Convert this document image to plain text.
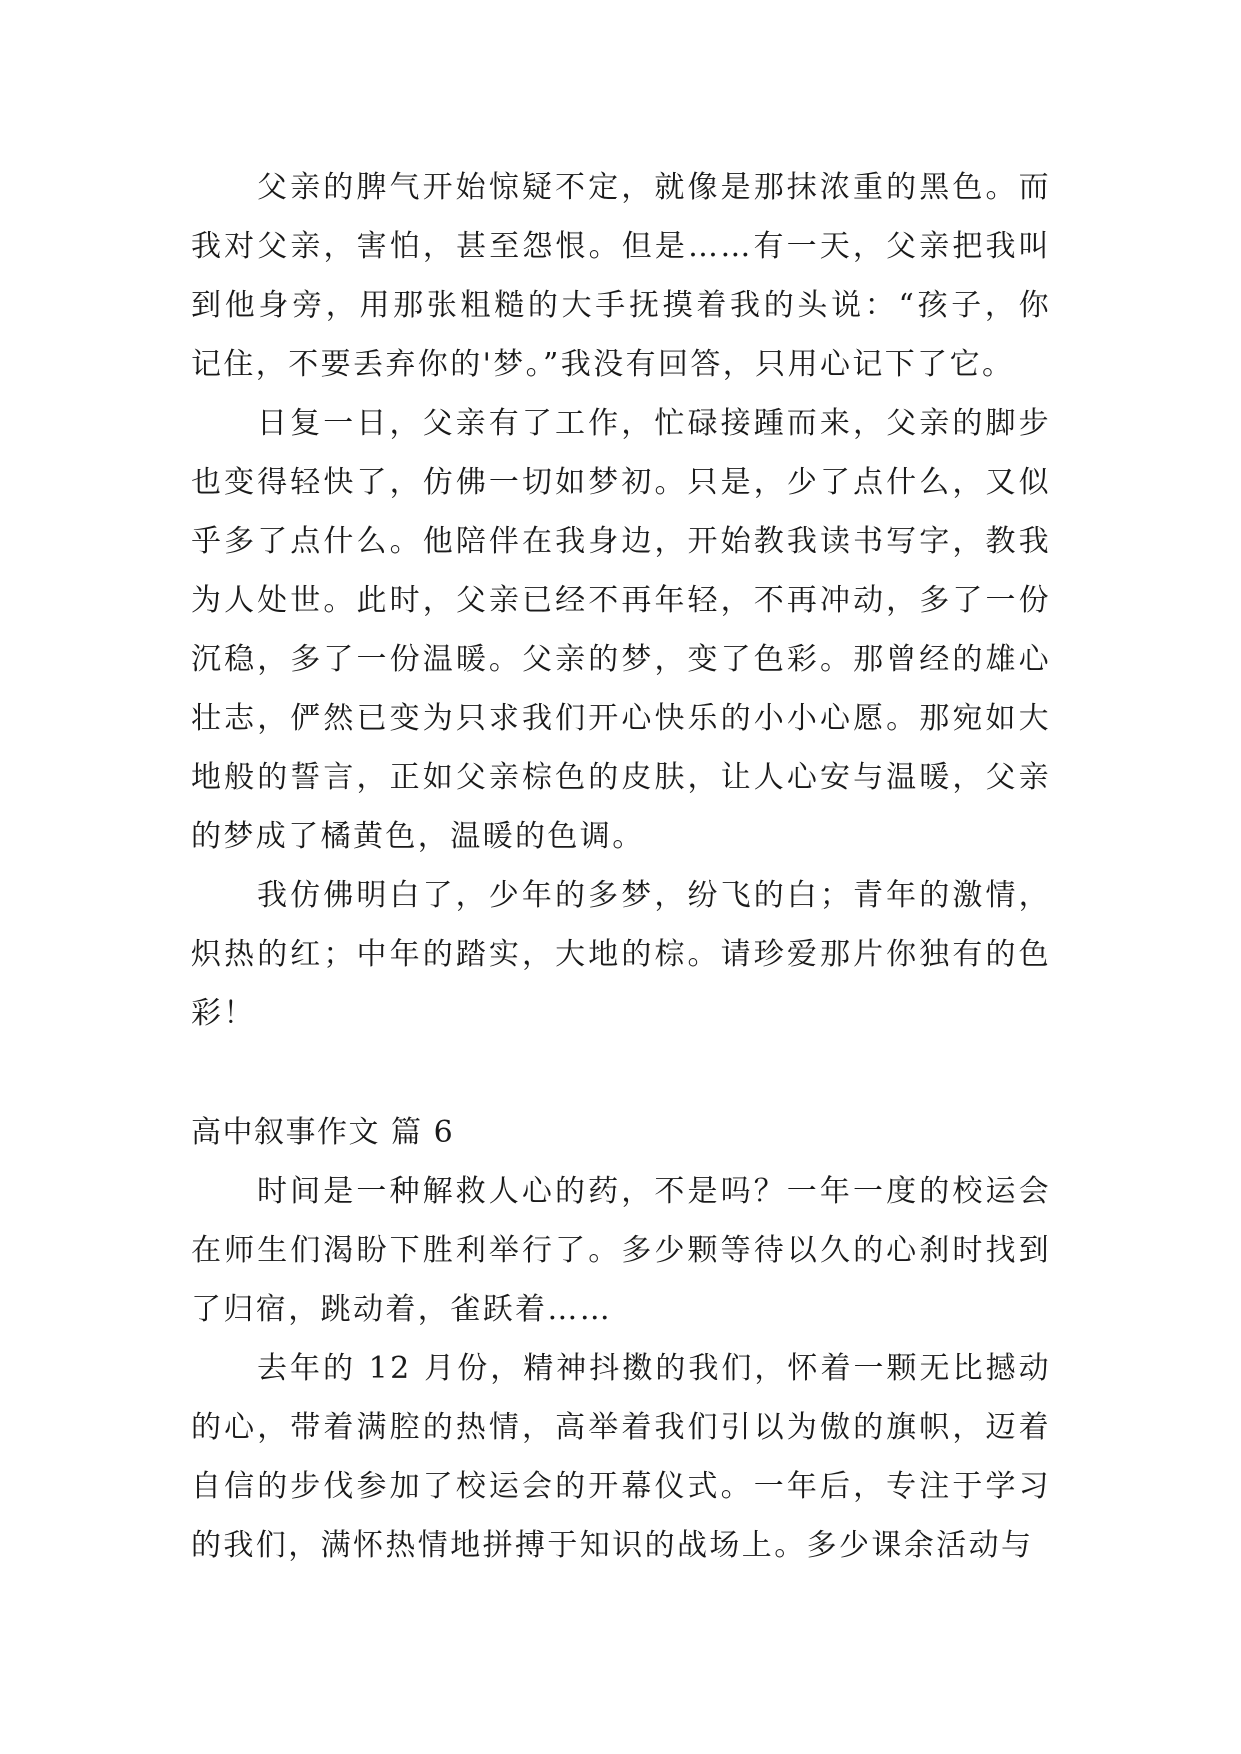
父亲的脾气开始惊疑不定，就像是那抹浓重的黑色。而我对父亲，害怕，甚至怨恨。但是……有一天，父亲把我叫到他身旁，用那张粗糙的大手抚摸着我的头说：“孩子，你记住，不要丢弃你的'梦。”我没有回答，只用心记下了它。

日复一日，父亲有了工作，忙碌接踵而来，父亲的脚步也变得轻快了，仿佛一切如梦初。只是，少了点什么，又似乎多了点什么。他陪伴在我身边，开始教我读书写字，教我为人处世。此时，父亲已经不再年轻，不再冲动，多了一份沉稳，多了一份温暖。父亲的梦，变了色彩。那曾经的雄心壮志，俨然已变为只求我们开心快乐的小小心愿。那宛如大地般的誓言，正如父亲棕色的皮肤，让人心安与温暖，父亲的梦成了橘黄色，温暖的色调。

我仿佛明白了，少年的多梦，纷飞的白；青年的激情，炽热的红；中年的踏实，大地的棕。请珍爱那片你独有的色彩！

高中叙事作文 篇 6

时间是一种解救人心的药，不是吗？一年一度的校运会在师生们渴盼下胜利举行了。多少颗等待以久的心刹时找到了归宿，跳动着，雀跃着……

去年的 12 月份，精神抖擞的我们，怀着一颗无比撼动的心，带着满腔的热情，高举着我们引以为傲的旗帜，迈着自信的步伐参加了校运会的开幕仪式。一年后，专注于学习的我们，满怀热情地拼搏于知识的战场上。多少课余活动与
